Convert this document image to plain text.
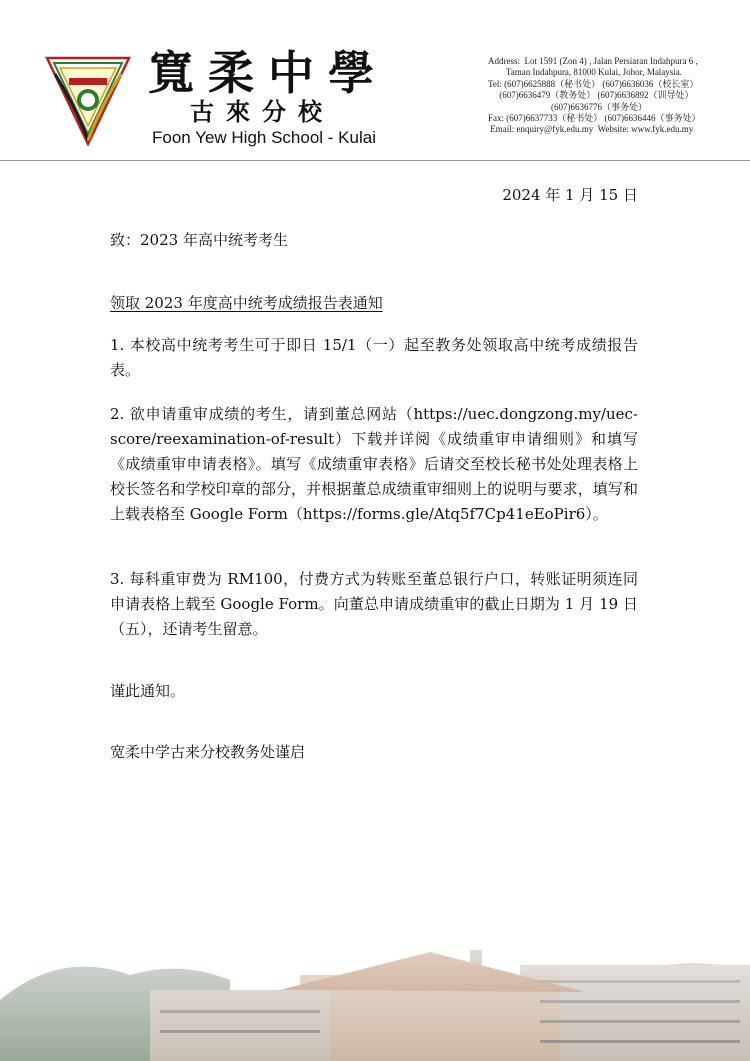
寬柔中學
古來分校
Foon Yew High School - Kulai
Address:  Lot 1591 (Zon 4) , Jalan Persiaran Indahpura 6 ,
Taman Indahpura, 81000 Kulai, Johor, Malaysia.
Tel: (607)6625888（秘书处） (607)6636036（校长室）
(607)6636479（教务处） (607)6636892（训导处）
(607)6636776（事务处）
Fax: (607)6637733（秘书处） (607)6636446（事务处）
Email: enquiry@fyk.edu.my  Website: www.fyk.edu.my
2024 年 1 月 15 日
致：2023 年高中统考考生
领取 2023 年度高中统考成绩报告表通知
1. 本校高中统考考生可于即日 15/1（一）起至教务处领取高中统考成绩报告表。
2. 欲申请重审成绩的考生，请到董总网站（https://uec.dongzong.my/uec-score/reexamination-of-result）下载并详阅《成绩重审申请细则》和填写《成绩重审申请表格》。填写《成绩重审表格》后请交至校长秘书处处理表格上校长签名和学校印章的部分，并根据董总成绩重审细则上的说明与要求，填写和上载表格至 Google Form（https://forms.gle/Atq5f7Cp41eEoPir6）。
3. 每科重审费为 RM100，付费方式为转账至董总银行户口，转账证明须连同申请表格上载至 Google Form。向董总申请成绩重审的截止日期为 1 月 19 日（五），还请考生留意。
谨此通知。
宽柔中学古来分校教务处谨启
